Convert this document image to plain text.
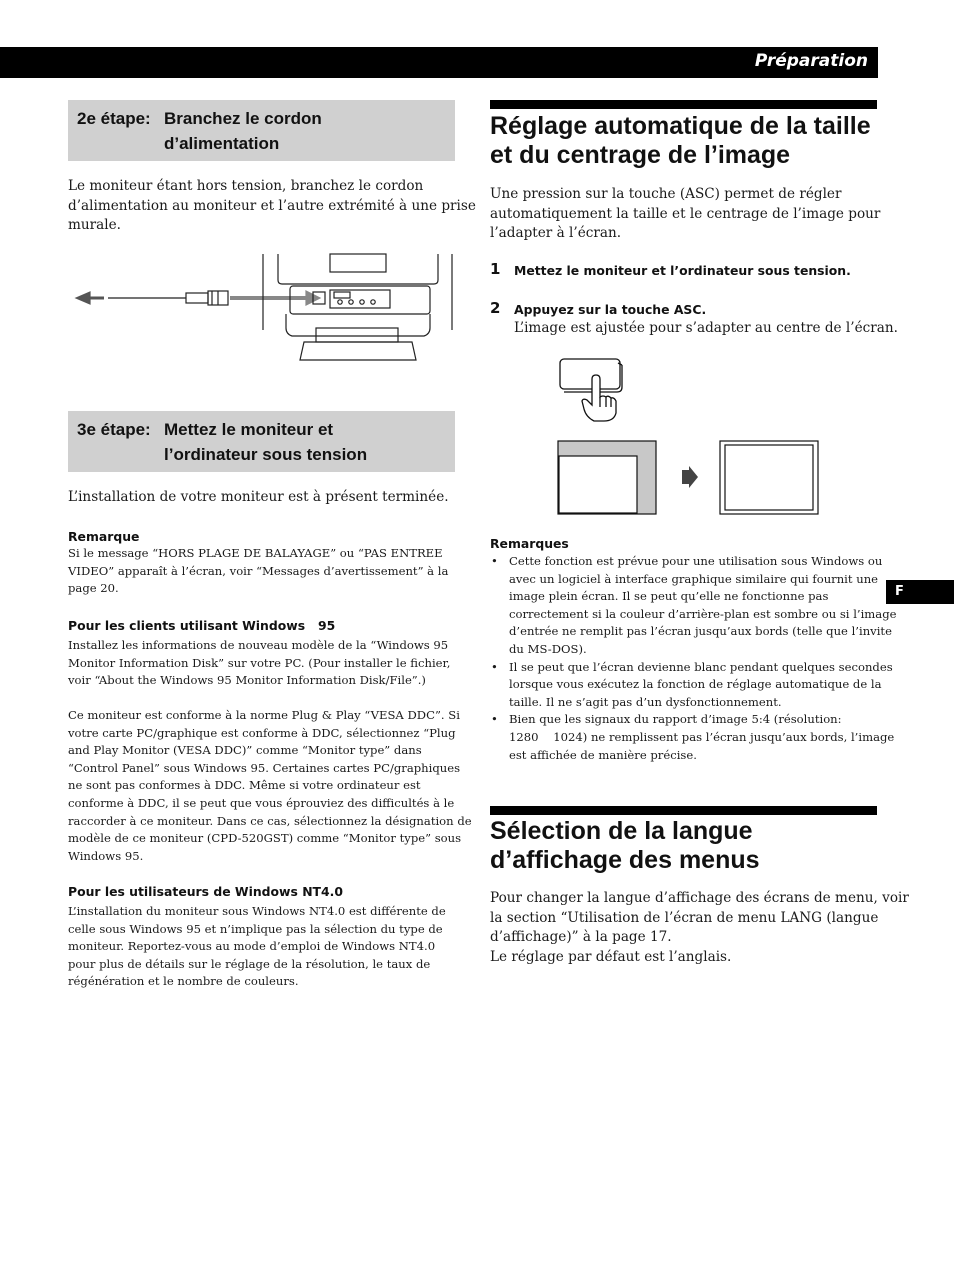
Préparation
F
2e étape: Branchez le cordon
d’alimentation
Le moniteur étant hors tension, branchez le cordon
d’alimentation au moniteur et l’autre extrémité à une prise
murale.
3e étape: Mettez le moniteur et
l’ordinateur sous tension
L’installation de votre moniteur est à présent terminée.
Remarque
Si le message “HORS PLAGE DE BALAYAGE” ou “PAS ENTREE
VIDEO” apparaît à l’écran, voir “Messages d’avertissement” à la
page 20.
Pour les clients utilisant Windows   95
Installez les informations de nouveau modèle de la “Windows 95
Monitor Information Disk” sur votre PC. (Pour installer le fichier,
voir “About the Windows 95 Monitor Information Disk/File”.)
Ce moniteur est conforme à la norme Plug & Play “VESA DDC”. Si
votre carte PC/graphique est conforme à DDC, sélectionnez “Plug
and Play Monitor (VESA DDC)” comme “Monitor type” dans
“Control Panel” sous Windows 95. Certaines cartes PC/graphiques
ne sont pas conformes à DDC. Même si votre ordinateur est
conforme à DDC, il se peut que vous éprouviez des difficultés à le
raccorder à ce moniteur. Dans ce cas, sélectionnez la désignation de
modèle de ce moniteur (CPD-520GST) comme “Monitor type” sous
Windows 95.
Pour les utilisateurs de Windows NT4.0
L’installation du moniteur sous Windows NT4.0 est différente de
celle sous Windows 95 et n’implique pas la sélection du type de
moniteur. Reportez-vous au mode d’emploi de Windows NT4.0
pour plus de détails sur le réglage de la résolution, le taux de
régénération et le nombre de couleurs.
Réglage automatique de la taille
et du centrage de l’image
Une pression sur la touche (ASC) permet de régler
automatiquement la taille et le centrage de l’image pour
l’adapter à l’écran.
1 Mettez le moniteur et l’ordinateur sous tension.
2 Appuyez sur la touche ASC.
L’image est ajustée pour s’adapter au centre de l’écran.
Remarques
• Cette fonction est prévue pour une utilisation sous Windows ou
avec un logiciel à interface graphique similaire qui fournit une
image plein écran. Il se peut qu’elle ne fonctionne pas
correctement si la couleur d’arrière-plan est sombre ou si l’image
d’entrée ne remplit pas l’écran jusqu’aux bords (telle que l’invite
du MS-DOS).
• Il se peut que l’écran devienne blanc pendant quelques secondes
lorsque vous exécutez la fonction de réglage automatique de la
taille. Il ne s’agit pas d’un dysfonctionnement.
• Bien que les signaux du rapport d’image 5:4 (résolution:
1280    1024) ne remplissent pas l’écran jusqu’aux bords, l’image
est affichée de manière précise.
Sélection de la langue
d’affichage des menus
Pour changer la langue d’affichage des écrans de menu, voir
la section “Utilisation de l’écran de menu LANG (langue
d’affichage)” à la page 17.
Le réglage par défaut est l’anglais.
